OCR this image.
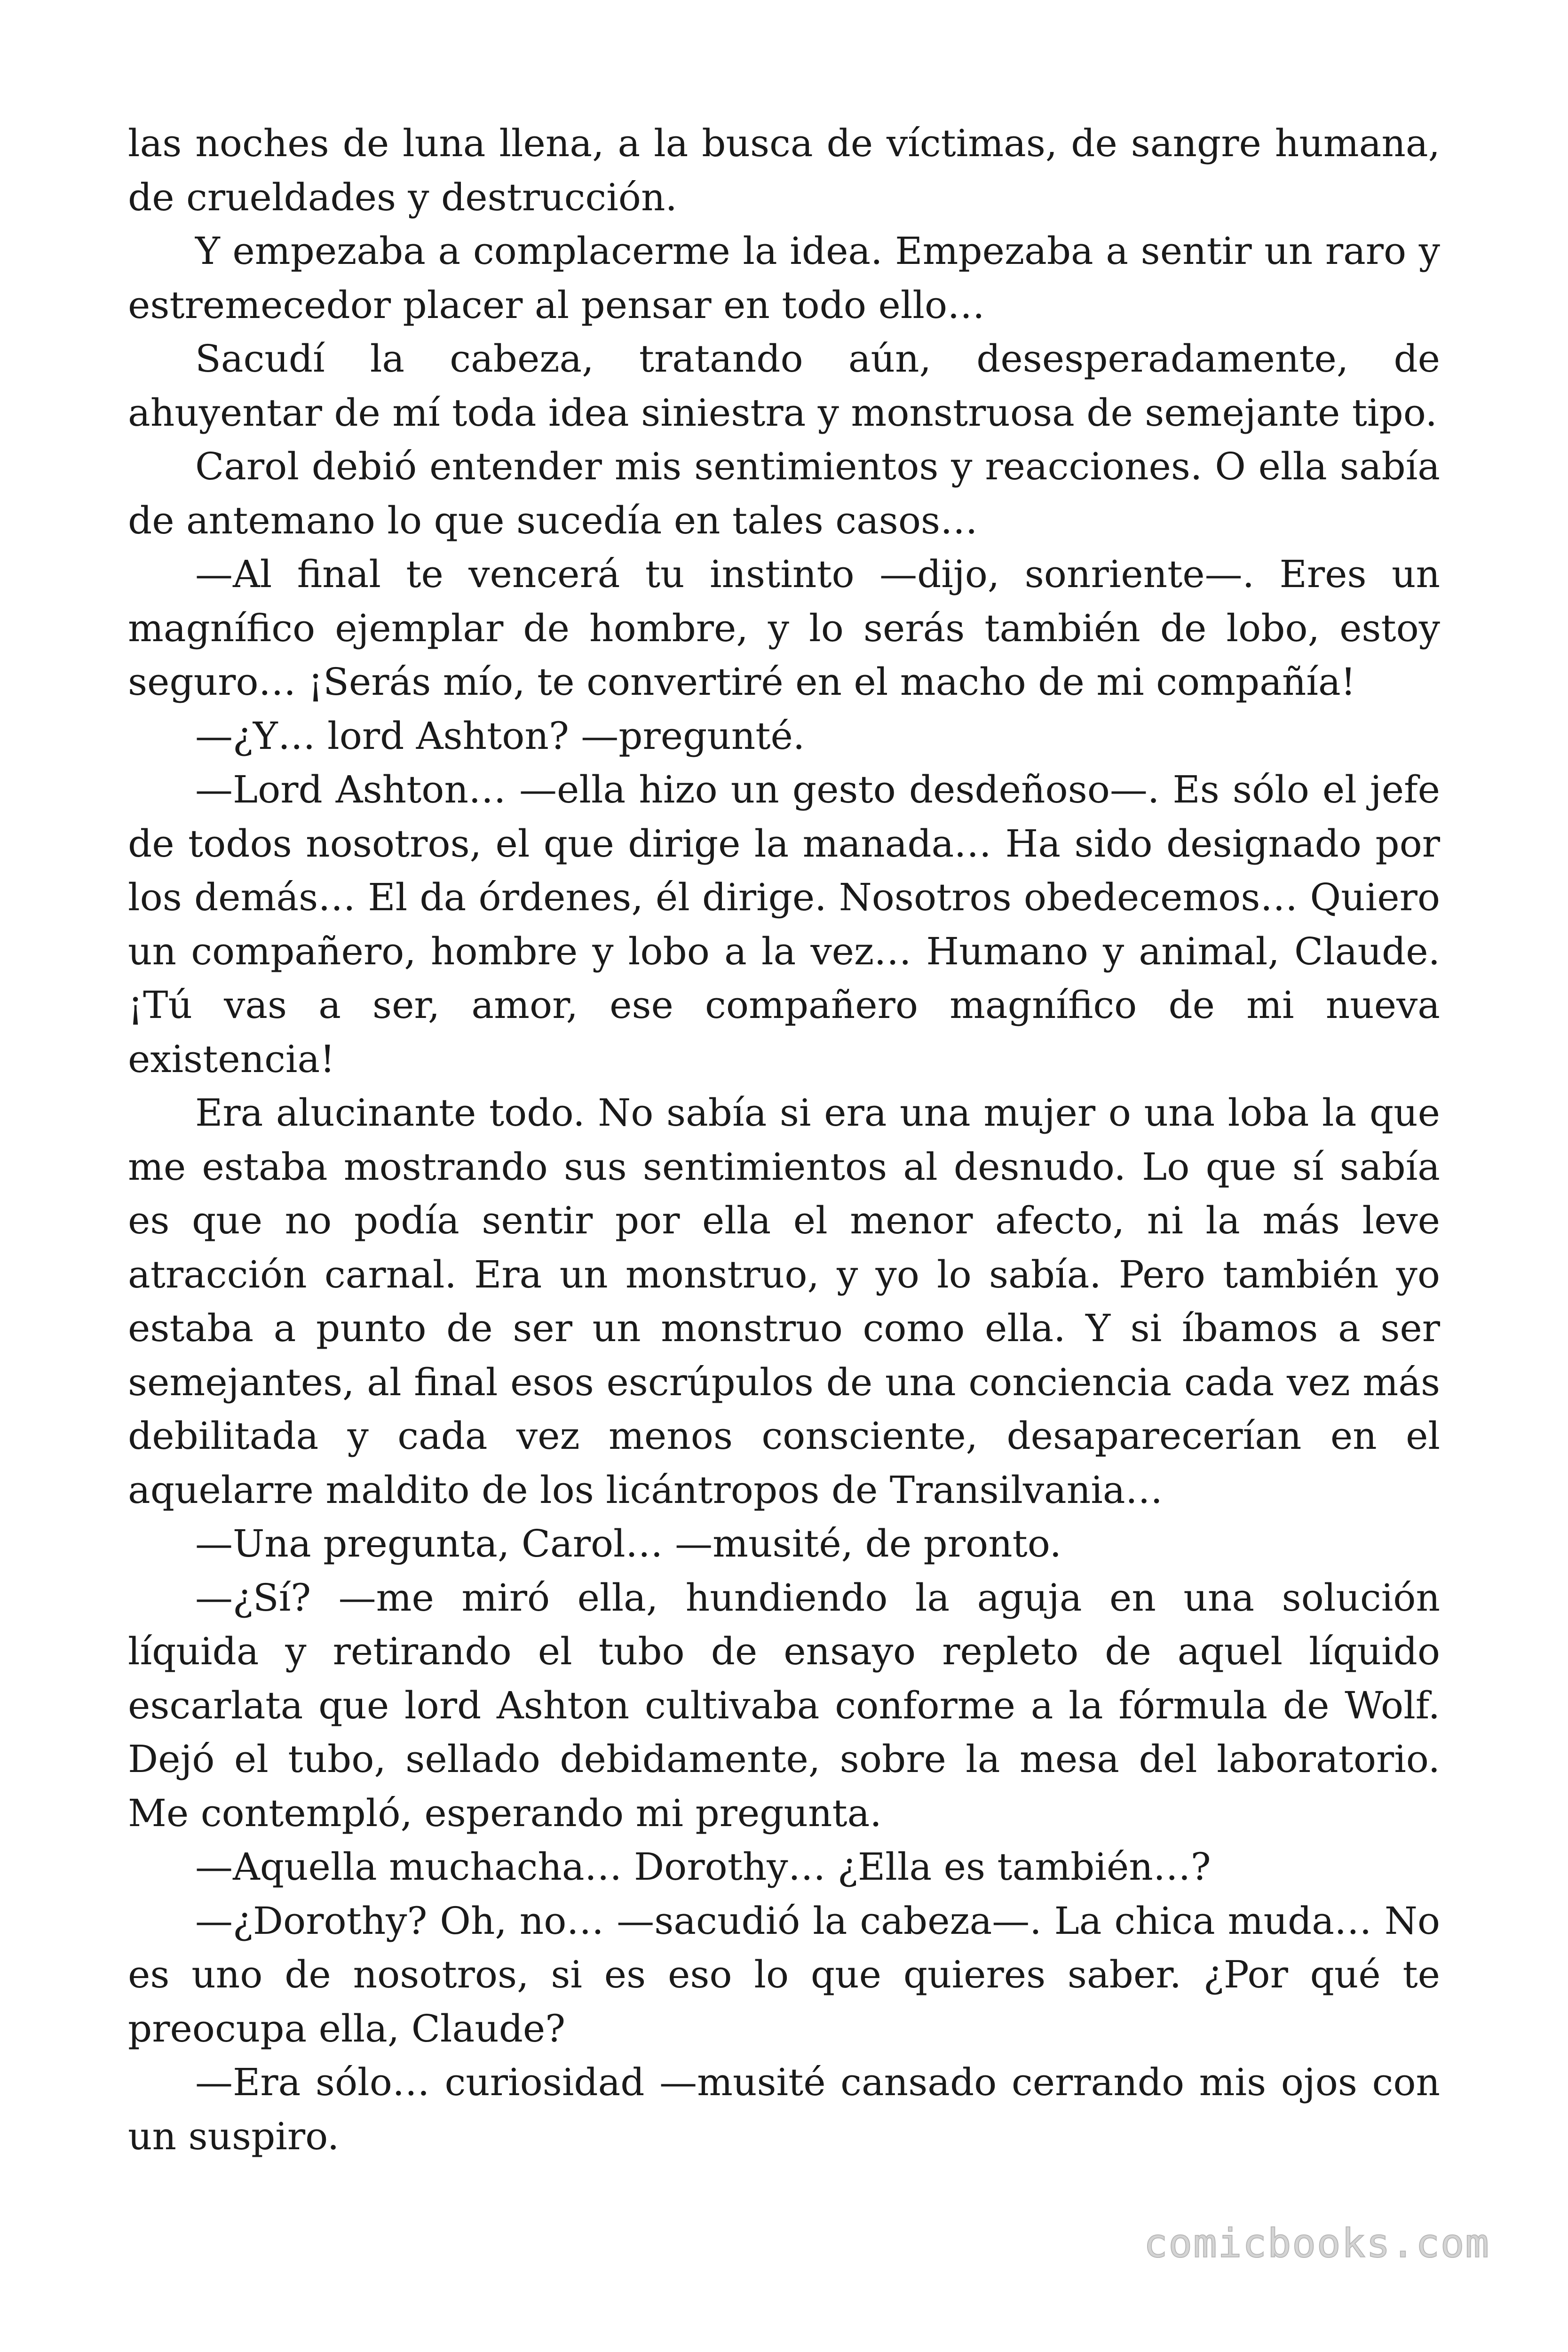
las noches de luna llena, a la busca de víctimas, de sangre humana, de crueldades y destrucción.

Y empezaba a complacerme la idea. Empezaba a sentir un raro y estremecedor placer al pensar en todo ello…

Sacudí la cabeza, tratando aún, desesperadamente, de ahuyentar de mí toda idea siniestra y monstruosa de semejante tipo.

Carol debió entender mis sentimientos y reacciones. O ella sabía de antemano lo que sucedía en tales casos…

—Al final te vencerá tu instinto —dijo, sonriente—. Eres un magnífico ejemplar de hombre, y lo serás también de lobo, estoy seguro… ¡Serás mío, te convertiré en el macho de mi compañía!

—¿Y… lord Ashton? —pregunté.

—Lord Ashton… —ella hizo un gesto desdeñoso—. Es sólo el jefe de todos nosotros, el que dirige la manada… Ha sido designado por los demás… El da órdenes, él dirige. Nosotros obedecemos… Quiero un compañero, hombre y lobo a la vez… Humano y animal, Claude. ¡Tú vas a ser, amor, ese compañero magnífico de mi nueva existencia!

Era alucinante todo. No sabía si era una mujer o una loba la que me estaba mostrando sus sentimientos al desnudo. Lo que sí sabía es que no podía sentir por ella el menor afecto, ni la más leve atracción carnal. Era un monstruo, y yo lo sabía. Pero también yo estaba a punto de ser un monstruo como ella. Y si íbamos a ser semejantes, al final esos escrúpulos de una conciencia cada vez más debilitada y cada vez menos consciente, desaparecerían en el aquelarre maldito de los licántropos de Transilvania…

—Una pregunta, Carol… —musité, de pronto.

—¿Sí? —me miró ella, hundiendo la aguja en una solución líquida y retirando el tubo de ensayo repleto de aquel líquido escarlata que lord Ashton cultivaba conforme a la fórmula de Wolf. Dejó el tubo, sellado debidamente, sobre la mesa del laboratorio. Me contempló, esperando mi pregunta.

—Aquella muchacha… Dorothy… ¿Ella es también…?

—¿Dorothy? Oh, no… —sacudió la cabeza—. La chica muda… No es uno de nosotros, si es eso lo que quieres saber. ¿Por qué te preocupa ella, Claude?

—Era sólo… curiosidad —musité cansado cerrando mis ojos con un suspiro.

comicbooks.com
